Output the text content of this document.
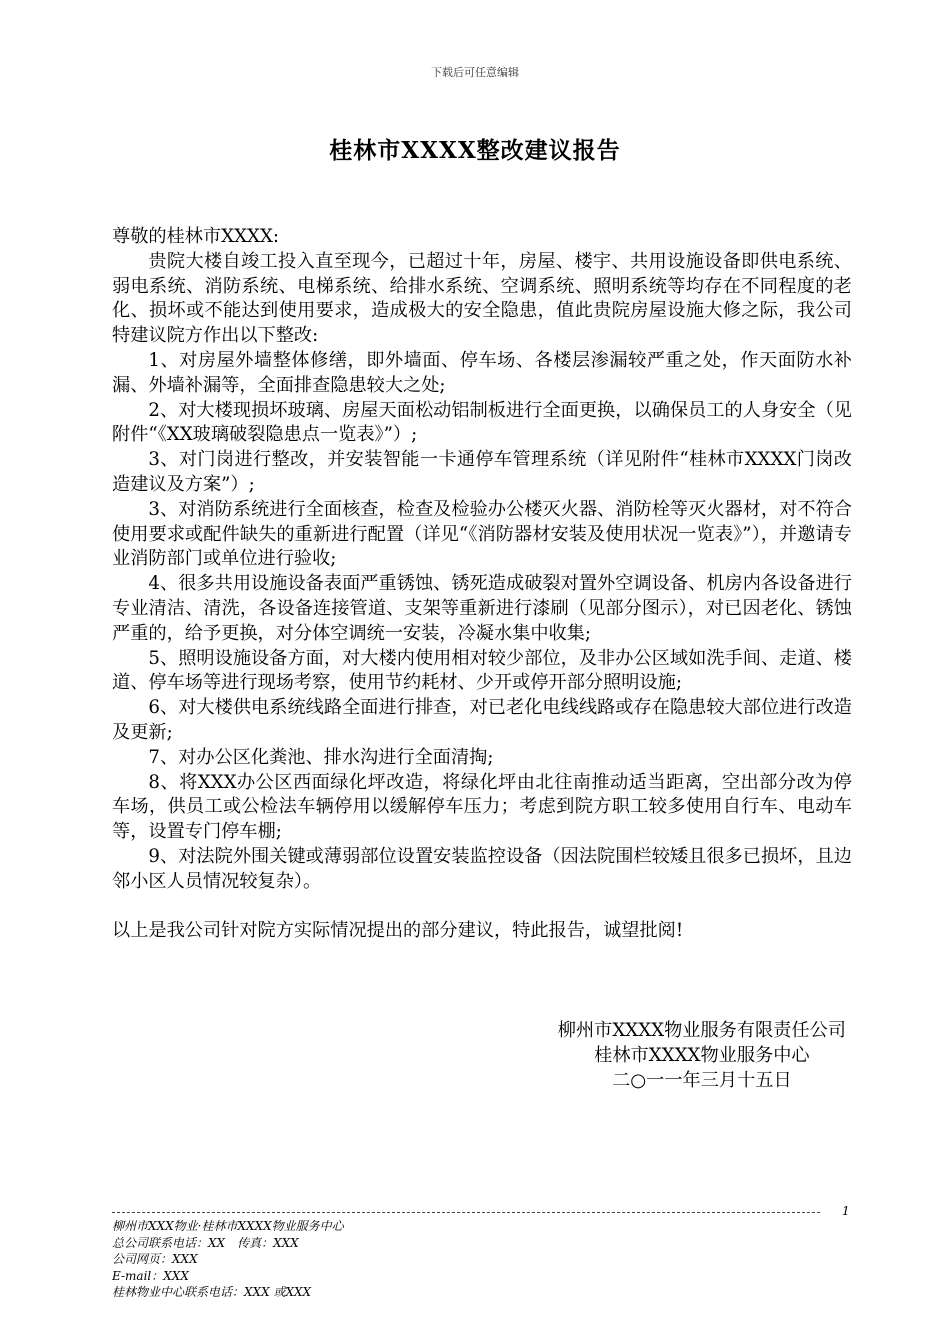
下载后可任意编辑
桂林市XXXX整改建议报告

尊敬的桂林市XXXX:

贵院大楼自竣工投入直至现今，已超过十年，房屋、楼宇、共用设施设备即供电系统、弱电系统、消防系统、电梯系统、给排水系统、空调系统、照明系统等均存在不同程度的老化、损坏或不能达到使用要求，造成极大的安全隐患，值此贵院房屋设施大修之际，我公司特建议院方作出以下整改:

1、对房屋外墙整体修缮，即外墙面、停车场、各楼层渗漏较严重之处，作天面防水补漏、外墙补漏等，全面排查隐患较大之处;

2、对大楼现损坏玻璃、房屋天面松动铝制板进行全面更换，以确保员工的人身安全（见附件“《XX玻璃破裂隐患点一览表》”）;

3、对门岗进行整改，并安装智能一卡通停车管理系统（详见附件“桂林市XXXX门岗改造建议及方案”）;

3、对消防系统进行全面核查，检查及检验办公楼灭火器、消防栓等灭火器材，对不符合使用要求或配件缺失的重新进行配置（详见“《消防器材安装及使用状况一览表》”），并邀请专业消防部门或单位进行验收;

4、很多共用设施设备表面严重锈蚀、锈死造成破裂对置外空调设备、机房内各设备进行专业清洁、清洗，各设备连接管道、支架等重新进行漆刷（见部分图示），对已因老化、锈蚀严重的，给予更换，对分体空调统一安装，冷凝水集中收集;

5、照明设施设备方面，对大楼内使用相对较少部位，及非办公区域如洗手间、走道、楼道、停车场等进行现场考察，使用节约耗材、少开或停开部分照明设施;

6、对大楼供电系统线路全面进行排查，对已老化电线线路或存在隐患较大部位进行改造及更新;

7、对办公区化粪池、排水沟进行全面清掏;

8、将XXX办公区西面绿化坪改造，将绿化坪由北往南推动适当距离，空出部分改为停车场，供员工或公检法车辆停用以缓解停车压力；考虑到院方职工较多使用自行车、电动车等，设置专门停车棚;

9、对法院外围关键或薄弱部位设置安装监控设备（因法院围栏较矮且很多已损坏，且边邻小区人员情况较复杂）。

以上是我公司针对院方实际情况提出的部分建议，特此报告，诚望批阅!

柳州市XXXX物业服务有限责任公司
桂林市XXXX物业服务中心
二○一一年三月十五日
1
柳州市XXX物业·桂林市XXXX物业服务中心
总公司联系电话：XX　传真：XXX
公司网页：XXX
E-mail：XXX
桂林物业中心联系电话：XXX 或XXX
